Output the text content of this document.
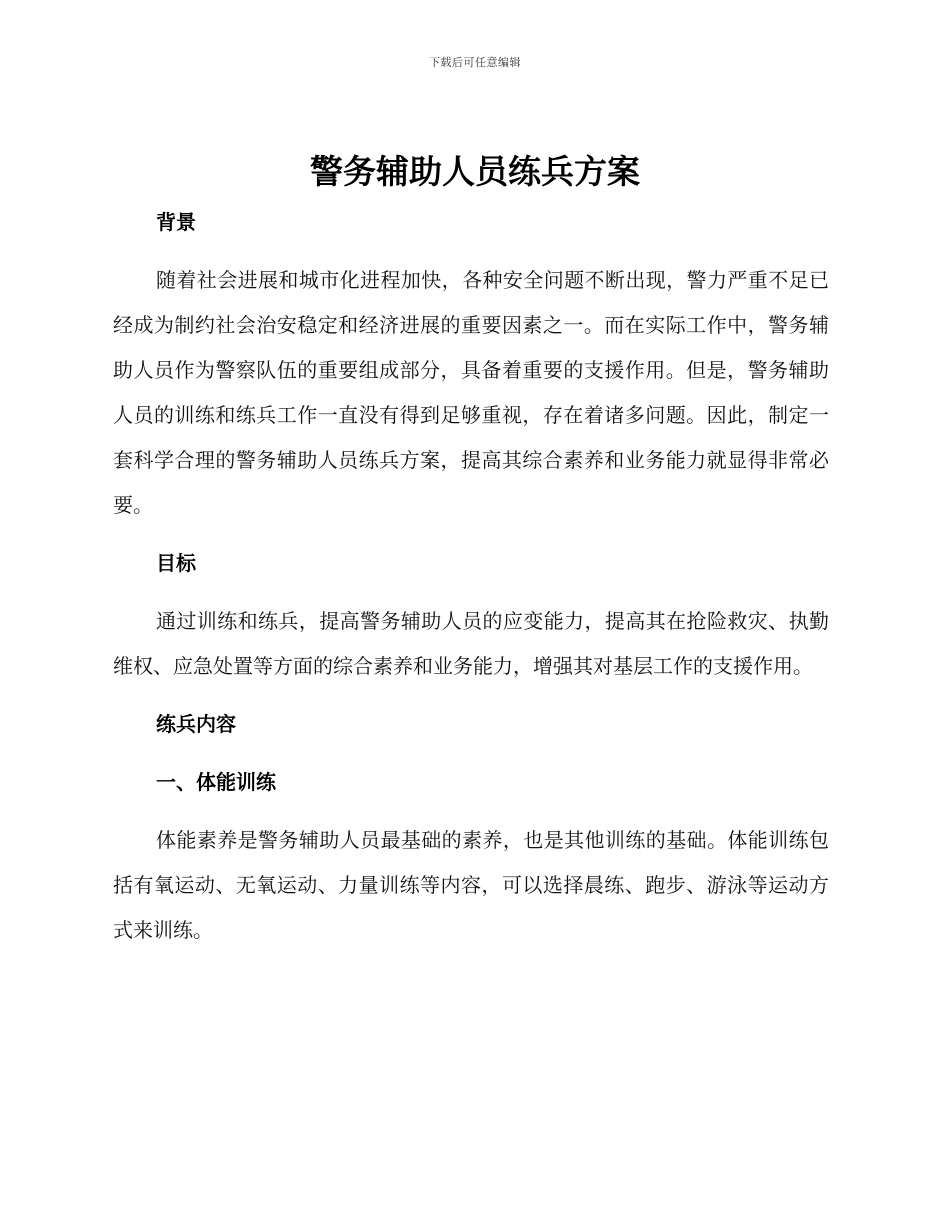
下载后可任意编辑
警务辅助人员练兵方案
背景

随着社会进展和城市化进程加快，各种安全问题不断出现，警力严重不足已经成为制约社会治安稳定和经济进展的重要因素之一。而在实际工作中，警务辅助人员作为警察队伍的重要组成部分，具备着重要的支援作用。但是，警务辅助人员的训练和练兵工作一直没有得到足够重视，存在着诸多问题。因此，制定一套科学合理的警务辅助人员练兵方案，提高其综合素养和业务能力就显得非常必要。

目标

通过训练和练兵，提高警务辅助人员的应变能力，提高其在抢险救灾、执勤维权、应急处置等方面的综合素养和业务能力，增强其对基层工作的支援作用。

练兵内容
一、体能训练

体能素养是警务辅助人员最基础的素养，也是其他训练的基础。体能训练包括有氧运动、无氧运动、力量训练等内容，可以选择晨练、跑步、游泳等运动方式来训练。
